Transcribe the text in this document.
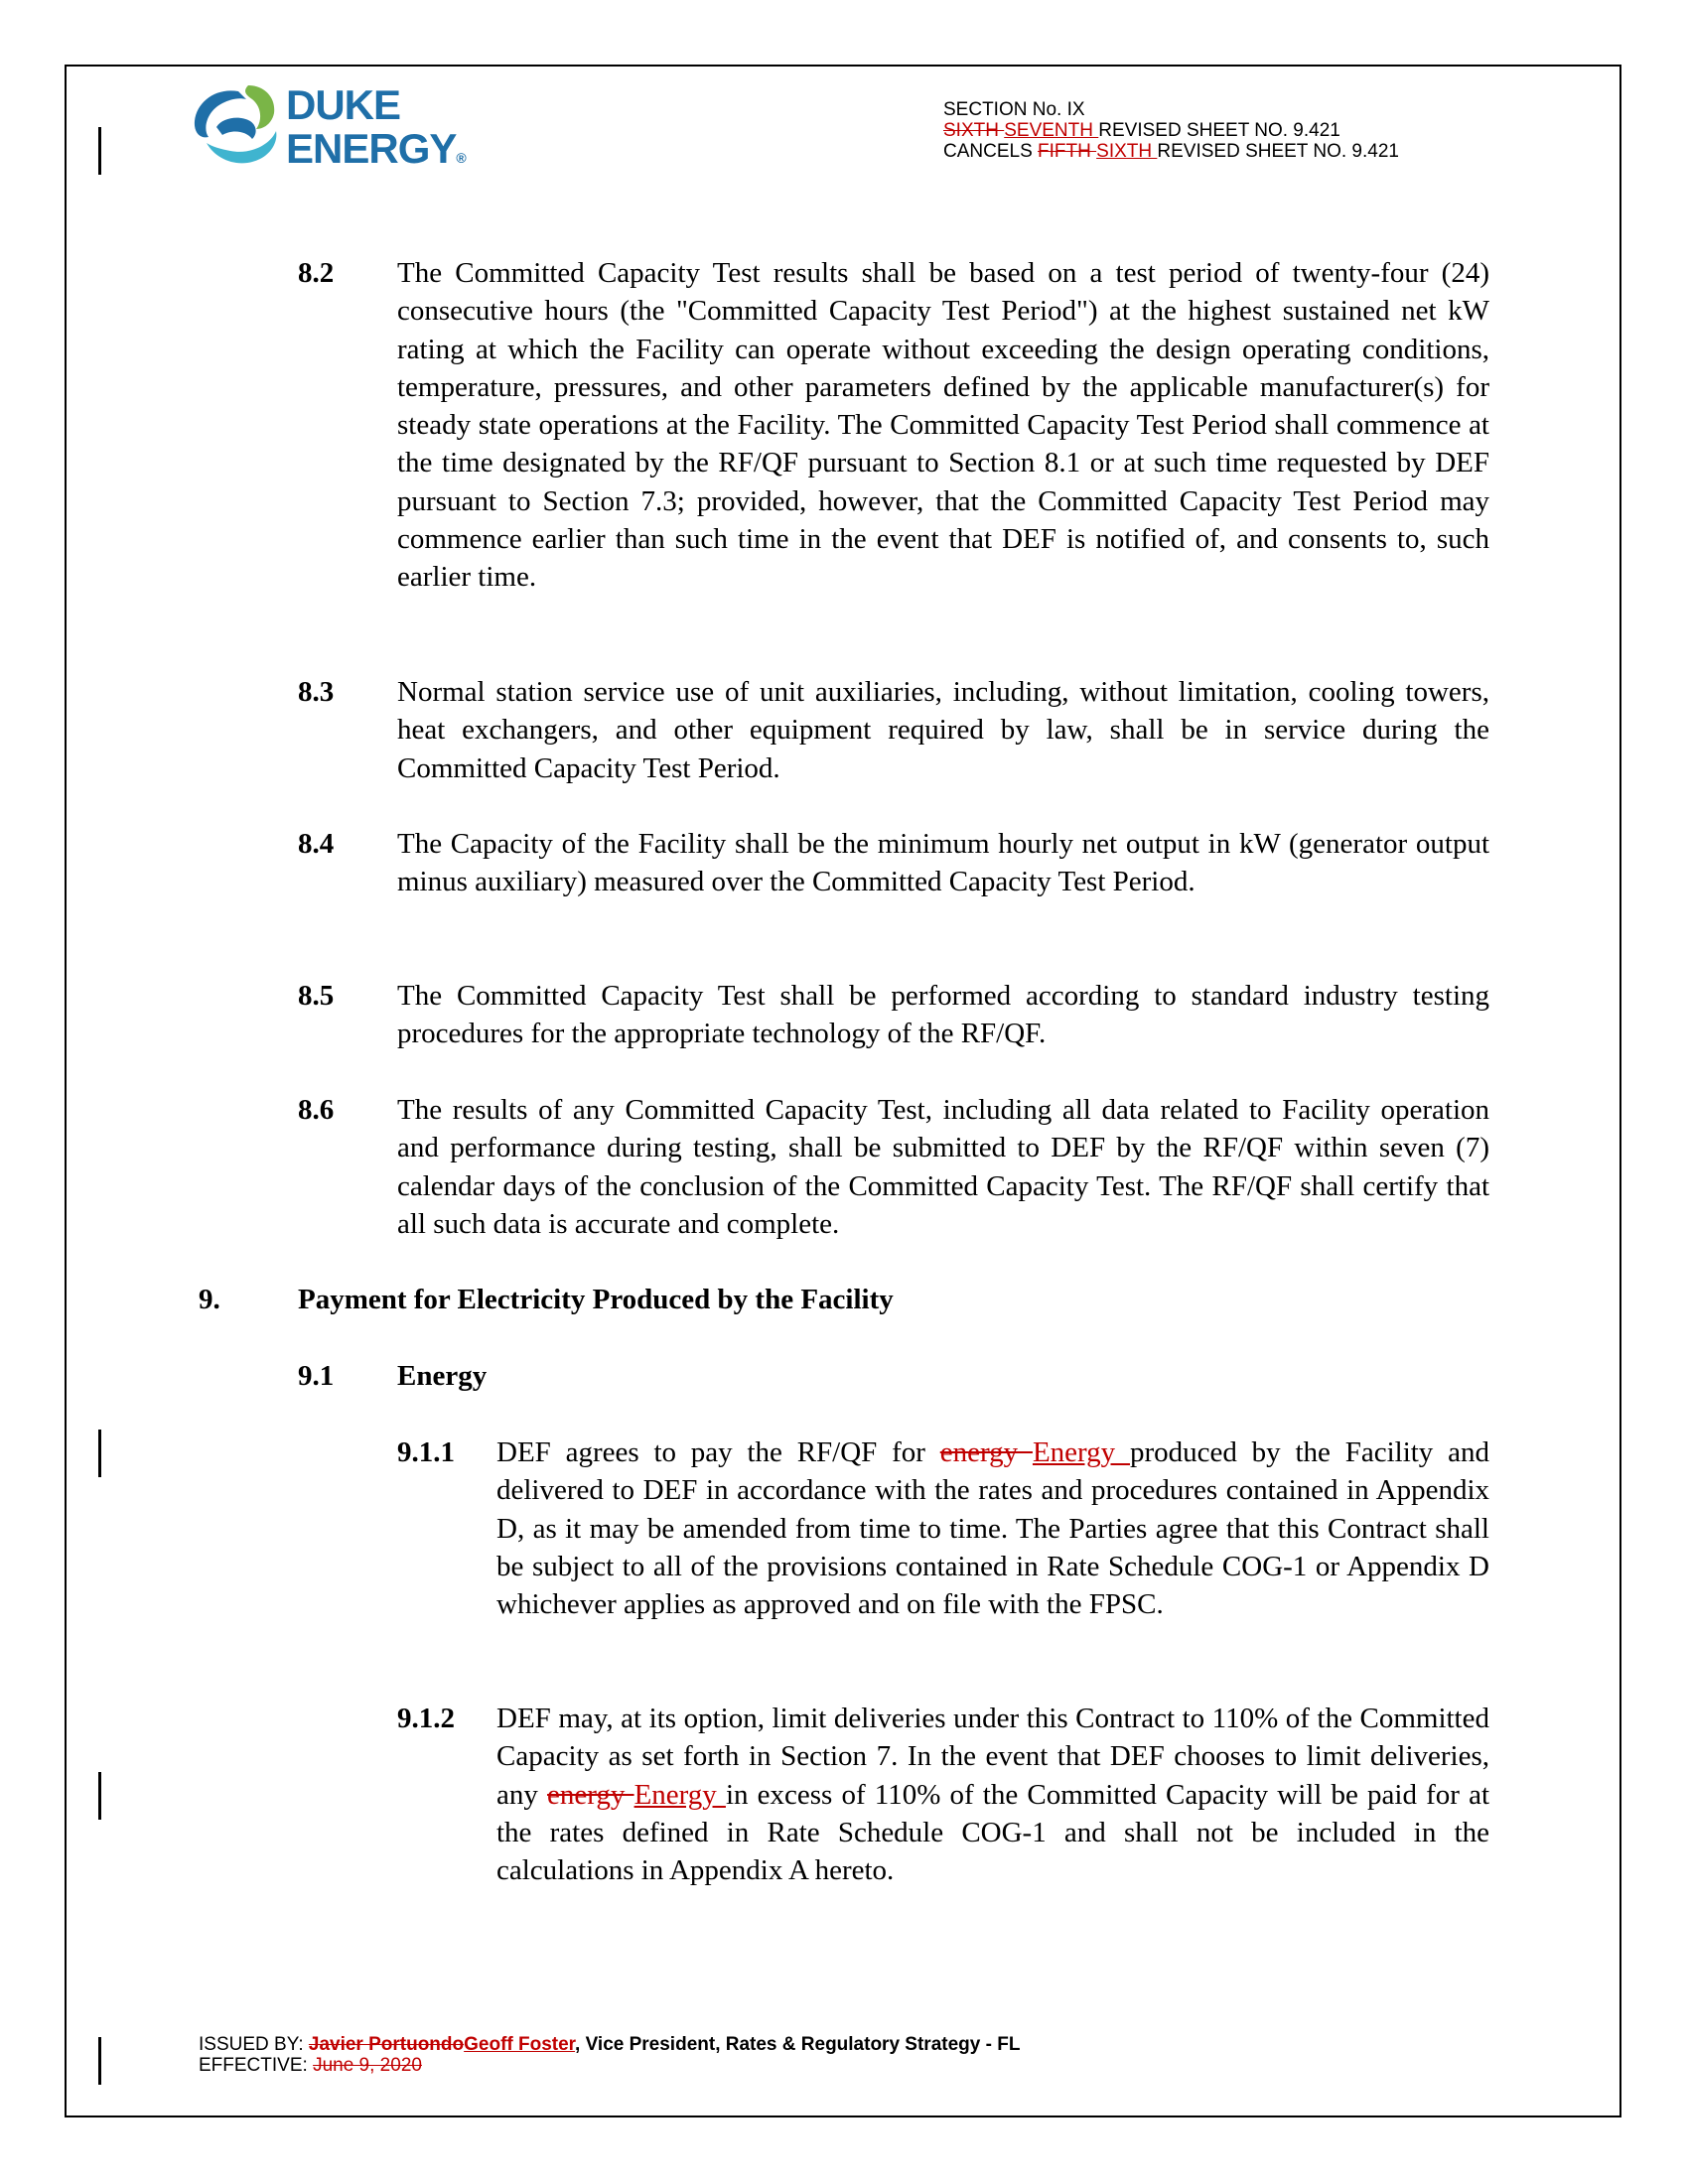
DUKE
ENERGY®
SECTION No. IX
SIXTH SEVENTH REVISED SHEET NO. 9.421
CANCELS FIFTH SIXTH REVISED SHEET NO. 9.421
8.2 The Committed Capacity Test results shall be based on a test period of twenty-four (24) consecutive hours (the "Committed Capacity Test Period") at the highest sustained net kW rating at which the Facility can operate without exceeding the design operating conditions, temperature, pressures, and other parameters defined by the applicable manufacturer(s) for steady state operations at the Facility. The Committed Capacity Test Period shall commence at the time designated by the RF/QF pursuant to Section 8.1 or at such time requested by DEF pursuant to Section 7.3; provided, however, that the Committed Capacity Test Period may commence earlier than such time in the event that DEF is notified of, and consents to, such earlier time.
8.3 Normal station service use of unit auxiliaries, including, without limitation, cooling towers, heat exchangers, and other equipment required by law, shall be in service during the Committed Capacity Test Period.
8.4 The Capacity of the Facility shall be the minimum hourly net output in kW (generator output minus auxiliary) measured over the Committed Capacity Test Period.
8.5 The Committed Capacity Test shall be performed according to standard industry testing procedures for the appropriate technology of the RF/QF.
8.6 The results of any Committed Capacity Test, including all data related to Facility operation and performance during testing, shall be submitted to DEF by the RF/QF within seven (7) calendar days of the conclusion of the Committed Capacity Test. The RF/QF shall certify that all such data is accurate and complete.
9.	Payment for Electricity Produced by the Facility
9.1 Energy
9.1.1 DEF agrees to pay the RF/QF for energy Energy produced by the Facility and delivered to DEF in accordance with the rates and procedures contained in Appendix D, as it may be amended from time to time. The Parties agree that this Contract shall be subject to all of the provisions contained in Rate Schedule COG-1 or Appendix D whichever applies as approved and on file with the FPSC.
9.1.2 DEF may, at its option, limit deliveries under this Contract to 110% of the Committed Capacity as set forth in Section 7. In the event that DEF chooses to limit deliveries, any energy Energy in excess of 110% of the Committed Capacity will be paid for at the rates defined in Rate Schedule COG-1 and shall not be included in the calculations in Appendix A hereto.
ISSUED BY: Javier PortuondoGeoff Foster, Vice President, Rates & Regulatory Strategy - FL
EFFECTIVE: June 9, 2020
